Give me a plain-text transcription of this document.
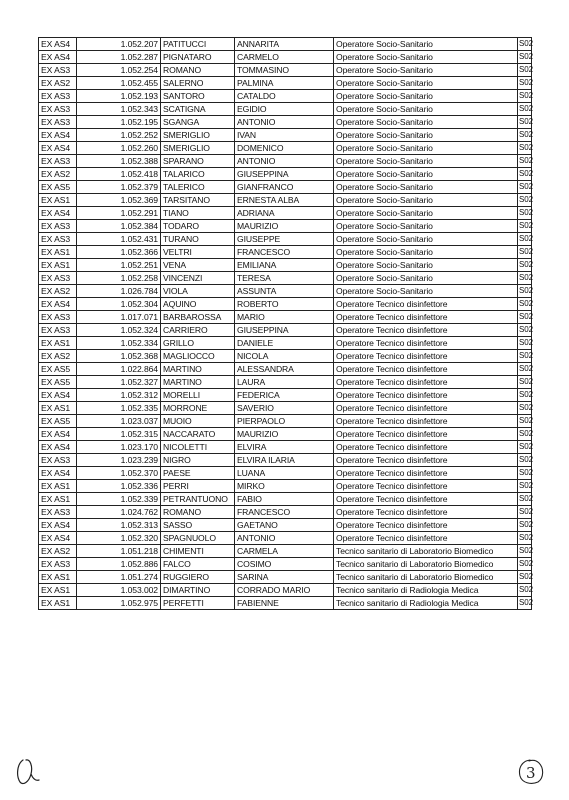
EX AS4	1.052.207	PATITUCCI	ANNARITA	Operatore Socio-Sanitario	S02
EX AS4	1.052.287	PIGNATARO	CARMELO	Operatore Socio-Sanitario	S02
EX AS3	1.052.254	ROMANO	TOMMASINO	Operatore Socio-Sanitario	S02
EX AS2	1.052.455	SALERNO	PALMINA	Operatore Socio-Sanitario	S02
EX AS3	1.052.193	SANTORO	CATALDO	Operatore Socio-Sanitario	S02
EX AS3	1.052.343	SCATIGNA	EGIDIO	Operatore Socio-Sanitario	S02
EX AS3	1.052.195	SGANGA	ANTONIO	Operatore Socio-Sanitario	S02
EX AS4	1.052.252	SMERIGLIO	IVAN	Operatore Socio-Sanitario	S02
EX AS4	1.052.260	SMERIGLIO	DOMENICO	Operatore Socio-Sanitario	S02
EX AS3	1.052.388	SPARANO	ANTONIO	Operatore Socio-Sanitario	S02
EX AS2	1.052.418	TALARICO	GIUSEPPINA	Operatore Socio-Sanitario	S02
EX AS5	1.052.379	TALERICO	GIANFRANCO	Operatore Socio-Sanitario	S02
EX AS1	1.052.369	TARSITANO	ERNESTA ALBA	Operatore Socio-Sanitario	S02
EX AS4	1.052.291	TIANO	ADRIANA	Operatore Socio-Sanitario	S02
EX AS3	1.052.384	TODARO	MAURIZIO	Operatore Socio-Sanitario	S02
EX AS3	1.052.431	TURANO	GIUSEPPE	Operatore Socio-Sanitario	S02
EX AS1	1.052.366	VELTRI	FRANCESCO	Operatore Socio-Sanitario	S02
EX AS1	1.052.251	VENA	EMILIANA	Operatore Socio-Sanitario	S02
EX AS3	1.052.258	VINCENZI	TERESA	Operatore Socio-Sanitario	S02
EX AS2	1.026.784	VIOLA	ASSUNTA	Operatore Socio-Sanitario	S02
EX AS4	1.052.304	AQUINO	ROBERTO	Operatore Tecnico disinfettore	S02
EX AS3	1.017.071	BARBAROSSA	MARIO	Operatore Tecnico disinfettore	S02
EX AS3	1.052.324	CARRIERO	GIUSEPPINA	Operatore Tecnico disinfettore	S02
EX AS1	1.052.334	GRILLO	DANIELE	Operatore Tecnico disinfettore	S02
EX AS2	1.052.368	MAGLIOCCO	NICOLA	Operatore Tecnico disinfettore	S02
EX AS5	1.022.864	MARTINO	ALESSANDRA	Operatore Tecnico disinfettore	S02
EX AS5	1.052.327	MARTINO	LAURA	Operatore Tecnico disinfettore	S02
EX AS4	1.052.312	MORELLI	FEDERICA	Operatore Tecnico disinfettore	S02
EX AS1	1.052.335	MORRONE	SAVERIO	Operatore Tecnico disinfettore	S02
EX AS5	1.023.037	MUOIO	PIERPAOLO	Operatore Tecnico disinfettore	S02
EX AS4	1.052.315	NACCARATO	MAURIZIO	Operatore Tecnico disinfettore	S02
EX AS4	1.023.170	NICOLETTI	ELVIRA	Operatore Tecnico disinfettore	S02
EX AS3	1.023.239	NIGRO	ELVIRA ILARIA	Operatore Tecnico disinfettore	S02
EX AS4	1.052.370	PAESE	LUANA	Operatore Tecnico disinfettore	S02
EX AS1	1.052.336	PERRI	MIRKO	Operatore Tecnico disinfettore	S02
EX AS1	1.052.339	PETRANTUONO	FABIO	Operatore Tecnico disinfettore	S02
EX AS3	1.024.762	ROMANO	FRANCESCO	Operatore Tecnico disinfettore	S02
EX AS4	1.052.313	SASSO	GAETANO	Operatore Tecnico disinfettore	S02
EX AS4	1.052.320	SPAGNUOLO	ANTONIO	Operatore Tecnico disinfettore	S02
EX AS2	1.051.218	CHIMENTI	CARMELA	Tecnico sanitario di Laboratorio Biomedico	S02
EX AS3	1.052.886	FALCO	COSIMO	Tecnico sanitario di Laboratorio Biomedico	S02
EX AS1	1.051.274	RUGGIERO	SARINA	Tecnico sanitario di Laboratorio Biomedico	S02
EX AS1	1.053.002	DIMARTINO	CORRADO MARIO	Tecnico sanitario di Radiologia Medica	S02
EX AS1	1.052.975	PERFETTI	FABIENNE	Tecnico sanitario di Radiologia Medica	S02
3
